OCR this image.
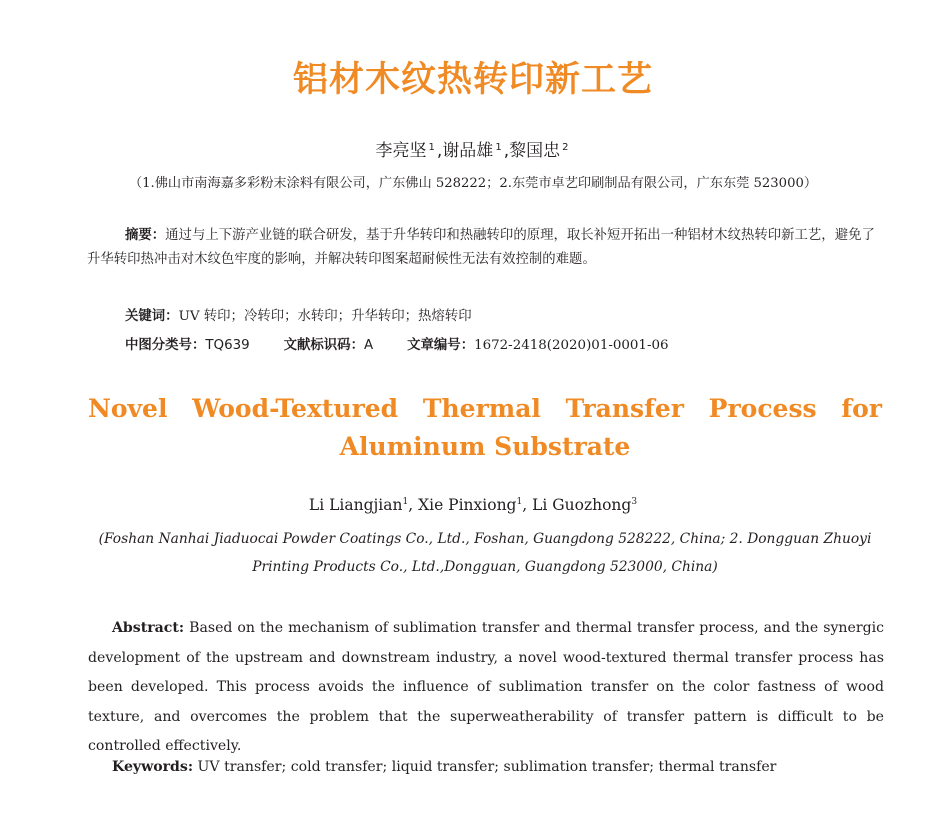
铝材木纹热转印新工艺

李亮坚 $^1$ ,谢品雄 $^1$ ,黎国忠 $^2$

（1.佛山市南海嘉多彩粉末涂料有限公司，广东佛山 528222；2.东莞市卓艺印刷制品有限公司，广东东莞 523000）

摘要：通过与上下游产业链的联合研发，基于升华转印和热融转印的原理，取长补短开拓出一种铝材木纹热转印新工艺，避免了升华转印热冲击对木纹色牢度的影响，并解决转印图案超耐候性无法有效控制的难题。

关键词：UV 转印；冷转印；水转印；升华转印；热熔转印

中图分类号：TQ639	文献标识码：A	文章编号：1672-2418(2020)01-0001-06

Novel Wood-Textured Thermal Transfer Process for
Aluminum Substrate

Li Liangjian$^1$, Xie Pinxiong$^1$, Li Guozhong$^3$

(Foshan Nanhai Jiaduocai Powder Coatings Co., Ltd., Foshan, Guangdong 528222, China; 2. Dongguan Zhuoyi Printing Products Co., Ltd.,Dongguan, Guangdong 523000, China)

Abstract: Based on the mechanism of sublimation transfer and thermal transfer process, and the synergic development of the upstream and downstream industry, a novel wood-textured thermal transfer process has been developed. This process avoids the influence of sublimation transfer on the color fastness of wood texture, and overcomes the problem that the superweatherability of transfer pattern is difficult to be controlled effectively.

Keywords: UV transfer; cold transfer; liquid transfer; sublimation transfer; thermal transfer
